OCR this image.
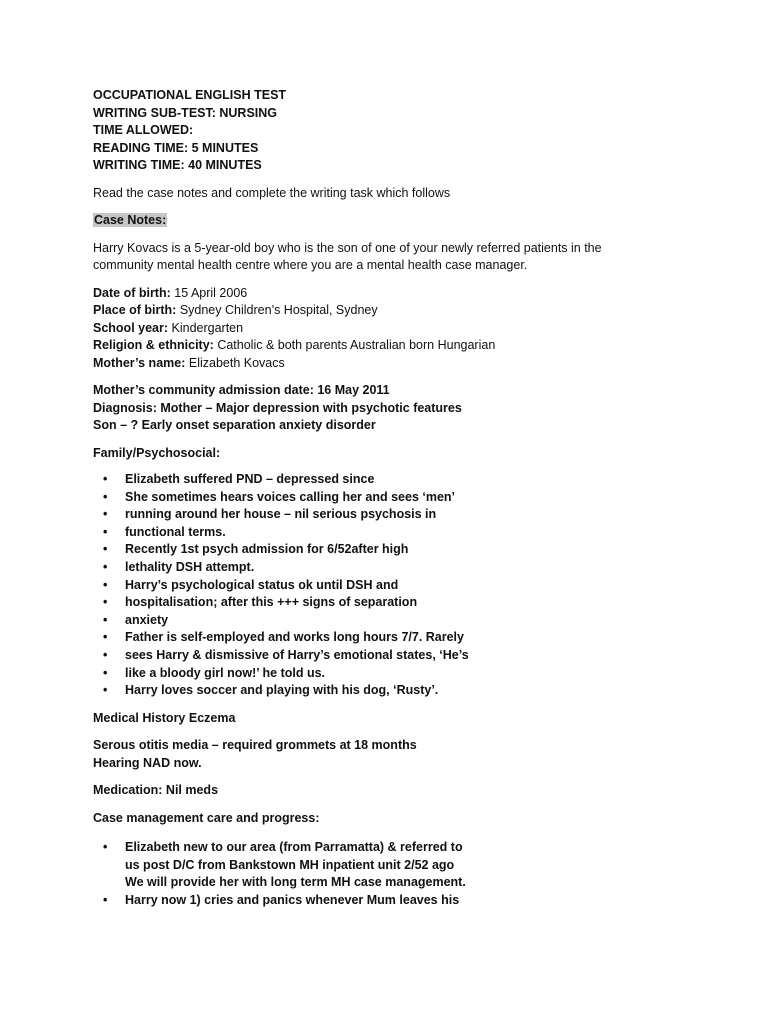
OCCUPATIONAL ENGLISH TEST
WRITING SUB-TEST: NURSING
TIME ALLOWED:
READING TIME: 5 MINUTES
WRITING TIME: 40 MINUTES
Read the case notes and complete the writing task which follows
Case Notes:
Harry Kovacs is a 5-year-old boy who is the son of one of your newly referred patients in the
community mental health centre where you are a mental health case manager.
Date of birth: 15 April 2006
Place of birth: Sydney Children’s Hospital, Sydney
School year: Kindergarten
Religion & ethnicity: Catholic & both parents Australian born Hungarian
Mother’s name: Elizabeth Kovacs
Mother’s community admission date: 16 May 2011
Diagnosis: Mother – Major depression with psychotic features
Son – ? Early onset separation anxiety disorder
Family/Psychosocial:
• Elizabeth suffered PND – depressed since
• She sometimes hears voices calling her and sees ‘men’
• running around her house – nil serious psychosis in
• functional terms.
• Recently 1st psych admission for 6/52after high
• lethality DSH attempt.
• Harry’s psychological status ok until DSH and
• hospitalisation; after this +++ signs of separation
• anxiety
• Father is self-employed and works long hours 7/7. Rarely
• sees Harry & dismissive of Harry’s emotional states, ‘He’s
• like a bloody girl now!’ he told us.
• Harry loves soccer and playing with his dog, ‘Rusty’.
Medical History Eczema
Serous otitis media – required grommets at 18 months
Hearing NAD now.
Medication: Nil meds
Case management care and progress:
• Elizabeth new to our area (from Parramatta) & referred to
us post D/C from Bankstown MH inpatient unit 2/52 ago
We will provide her with long term MH case management.
• Harry now 1) cries and panics whenever Mum leaves his
